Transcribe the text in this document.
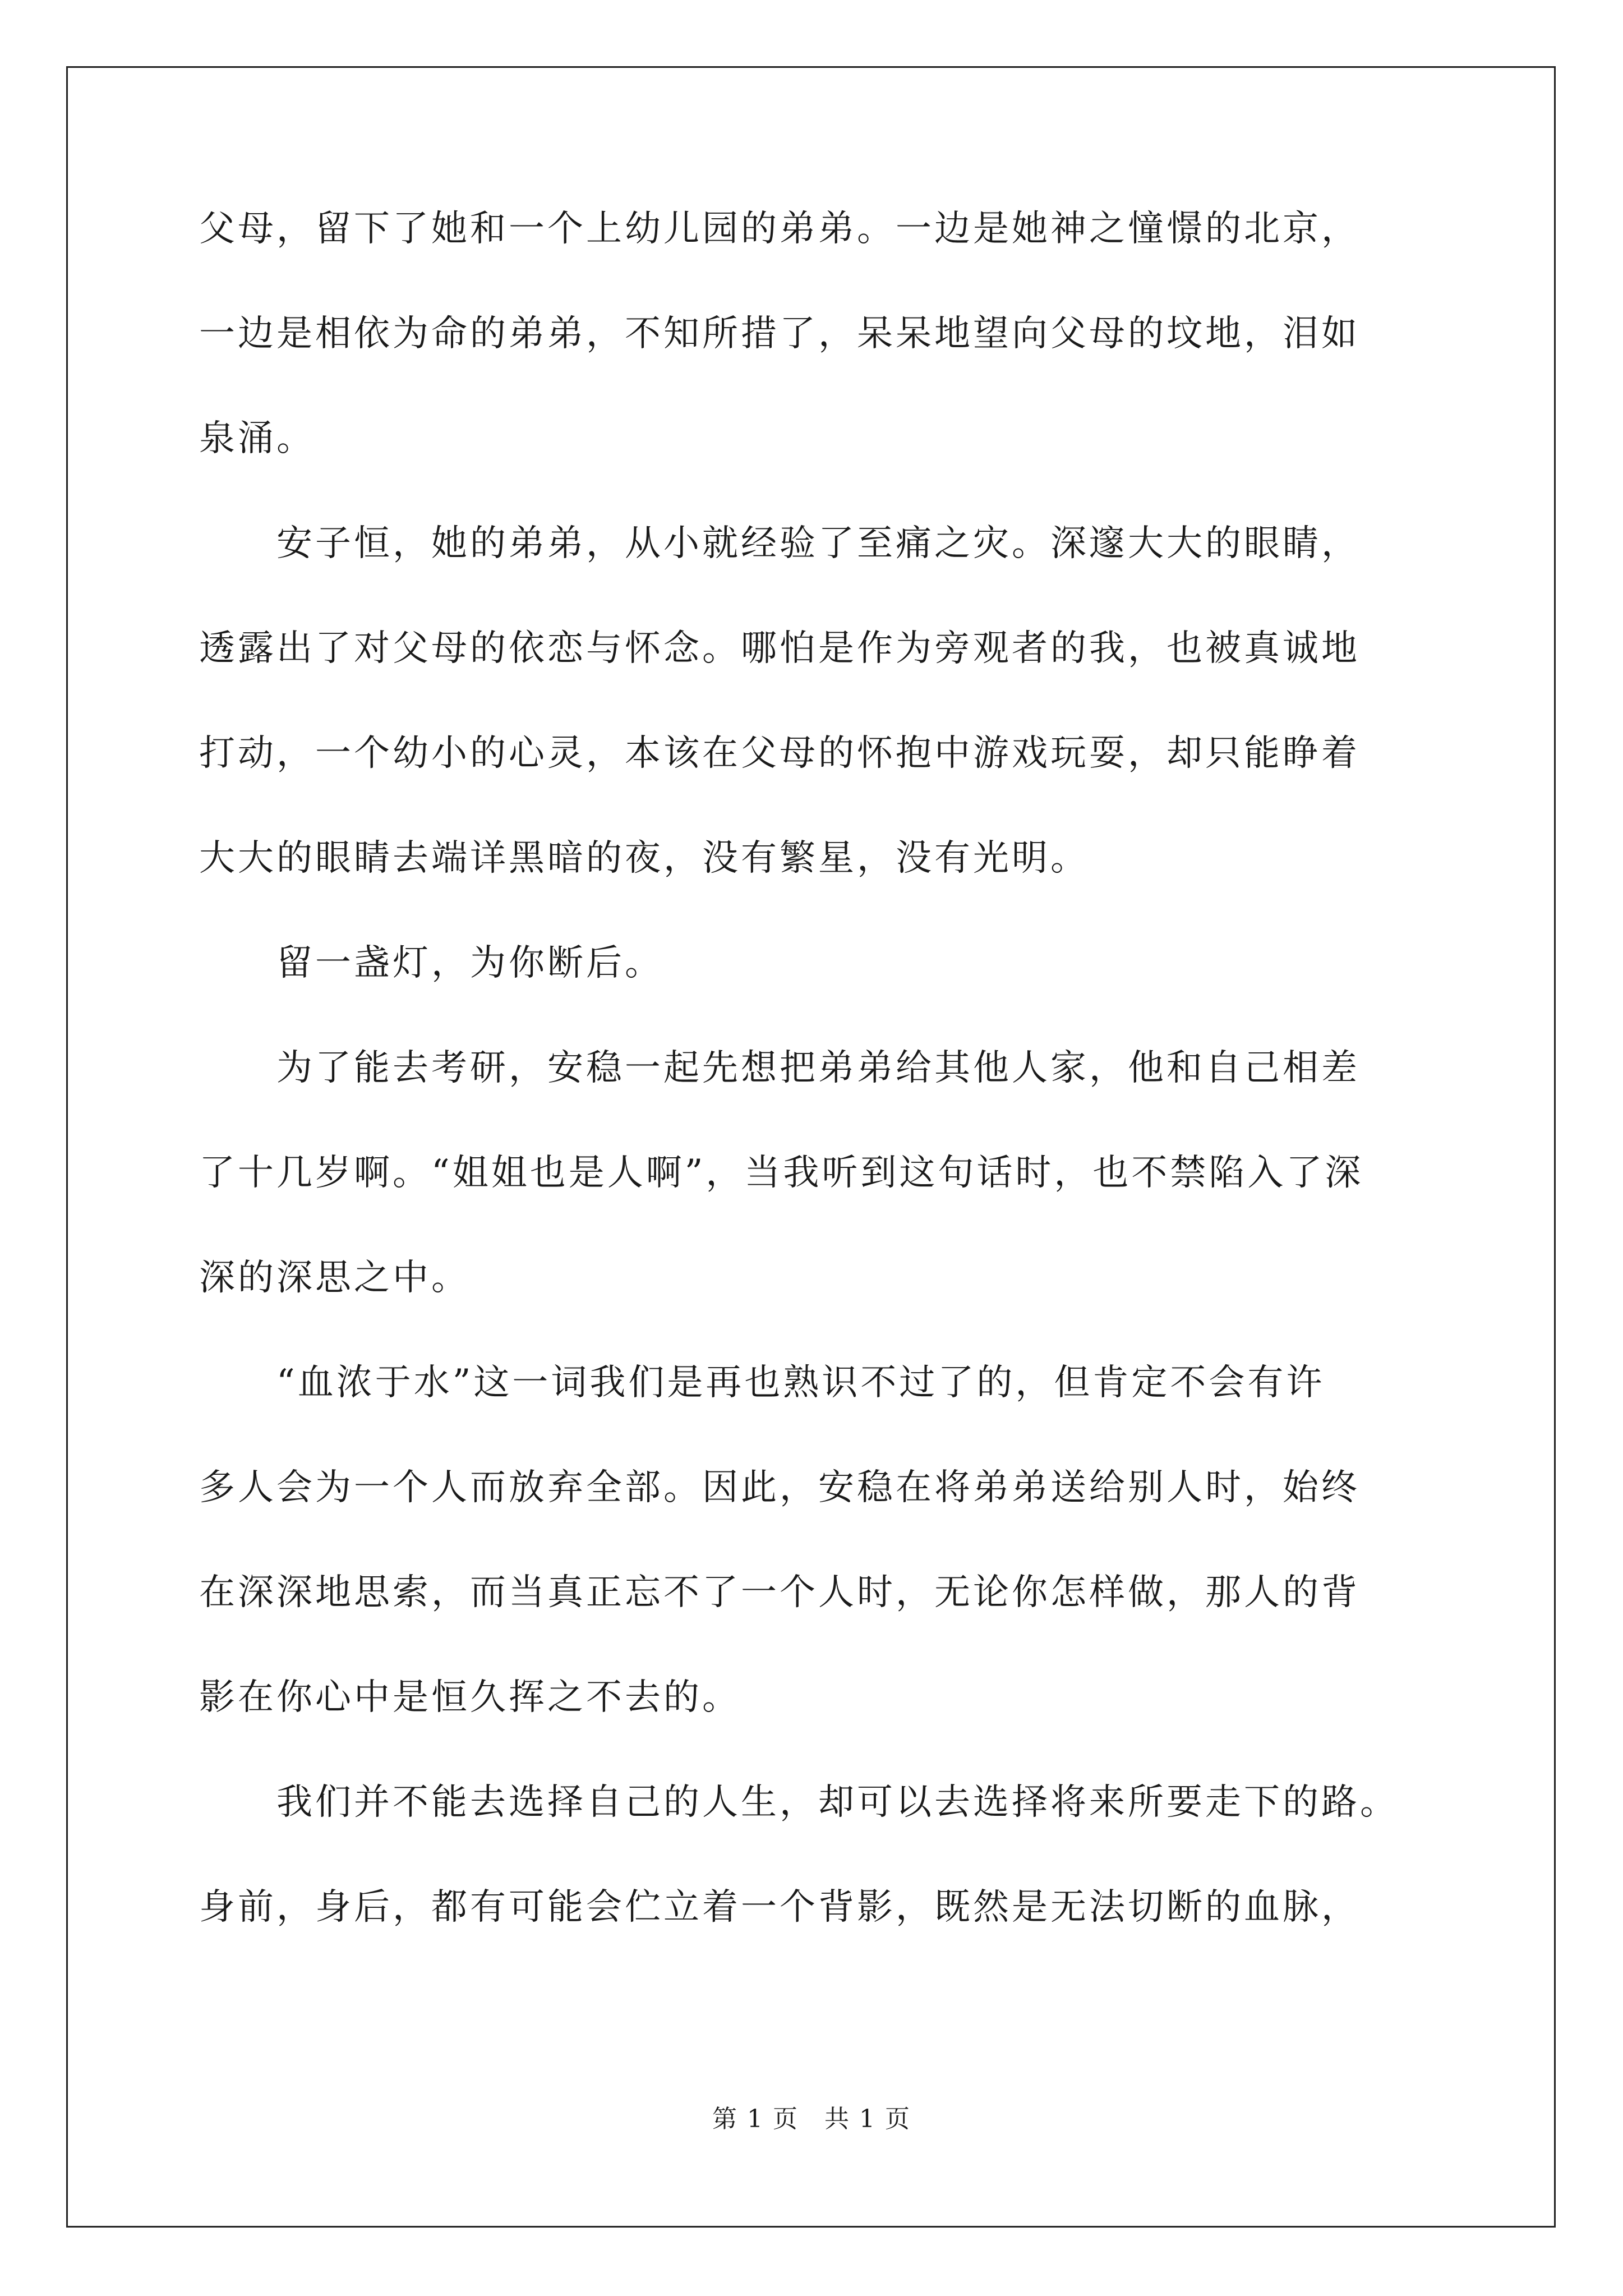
父母，留下了她和一个上幼儿园的弟弟。一边是她神之憧憬的北京，
一边是相依为命的弟弟，不知所措了，呆呆地望向父母的坟地，泪如
泉涌。
　　安子恒，她的弟弟，从小就经验了至痛之灾。深邃大大的眼睛，
透露出了对父母的依恋与怀念。哪怕是作为旁观者的我，也被真诚地
打动，一个幼小的心灵，本该在父母的怀抱中游戏玩耍，却只能睁着
大大的眼睛去端详黑暗的夜，没有繁星，没有光明。
　　留一盏灯，为你断后。
　　为了能去考研，安稳一起先想把弟弟给其他人家，他和自己相差
了十几岁啊。“姐姐也是人啊”，当我听到这句话时，也不禁陷入了深
深的深思之中。
　　“血浓于水”这一词我们是再也熟识不过了的，但肯定不会有许
多人会为一个人而放弃全部。因此，安稳在将弟弟送给别人时，始终
在深深地思索，而当真正忘不了一个人时，无论你怎样做，那人的背
影在你心中是恒久挥之不去的。
　　我们并不能去选择自己的人生，却可以去选择将来所要走下的路。
身前，身后，都有可能会伫立着一个背影，既然是无法切断的血脉，
第 1 页　共 1 页
